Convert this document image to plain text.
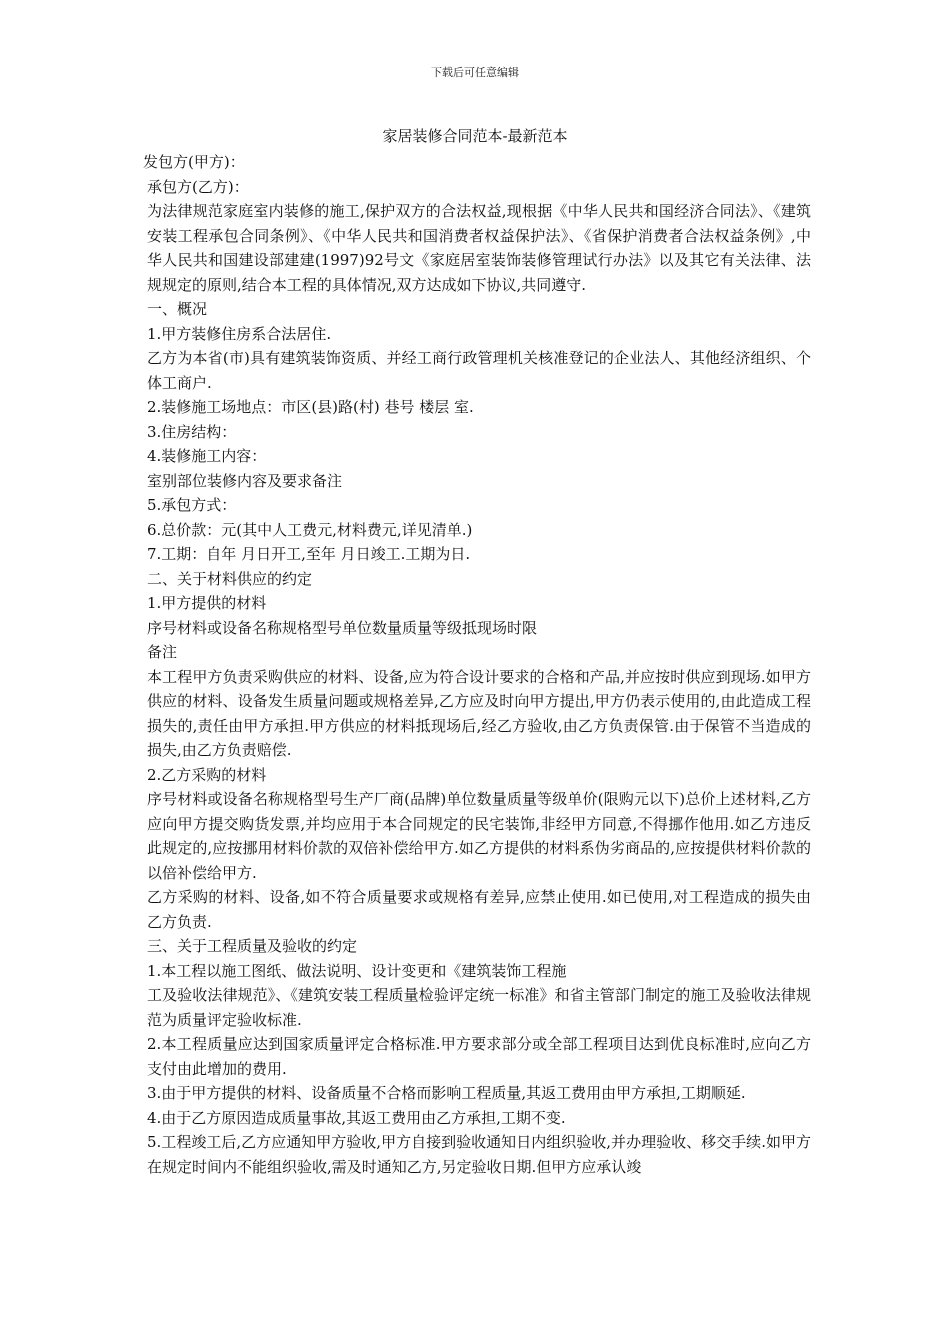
下载后可任意编辑
家居装修合同范本-最新范本

发包方(甲方)：

承包方(乙方)：

为法律规范家庭室内装修的施工,保护双方的合法权益,现根据《中华人民共和国经济合同法》、《建筑安装工程承包合同条例》、《中华人民共和国消费者权益保护法》、《省保护消费者合法权益条例》,中华人民共和国建设部建建(1997)92号文《家庭居室装饰装修管理试行办法》以及其它有关法律、法规规定的原则,结合本工程的具体情况,双方达成如下协议,共同遵守.

一、概况

1.甲方装修住房系合法居住.

乙方为本省(市)具有建筑装饰资质、并经工商行政管理机关核准登记的企业法人、其他经济组织、个体工商户.

2.装修施工场地点：市区(县)路(村) 巷号 楼层 室.

3.住房结构：

4.装修施工内容：

室别部位装修内容及要求备注

5.承包方式：

6.总价款：元(其中人工费元,材料费元,详见清单.)

7.工期：自年 月日开工,至年 月日竣工.工期为日.

二、关于材料供应的约定

1.甲方提供的材料

序号材料或设备名称规格型号单位数量质量等级抵现场时限

备注

本工程甲方负责采购供应的材料、设备,应为符合设计要求的合格和产品,并应按时供应到现场.如甲方供应的材料、设备发生质量问题或规格差异,乙方应及时向甲方提出,甲方仍表示使用的,由此造成工程损失的,责任由甲方承担.甲方供应的材料抵现场后,经乙方验收,由乙方负责保管.由于保管不当造成的损失,由乙方负责赔偿.

2.乙方采购的材料

序号材料或设备名称规格型号生产厂商(品牌)单位数量质量等级单价(限购元以下)总价上述材料,乙方应向甲方提交购货发票,并均应用于本合同规定的民宅装饰,非经甲方同意,不得挪作他用.如乙方违反此规定的,应按挪用材料价款的双倍补偿给甲方.如乙方提供的材料系伪劣商品的,应按提供材料价款的以倍补偿给甲方.

乙方采购的材料、设备,如不符合质量要求或规格有差异,应禁止使用.如已使用,对工程造成的损失由乙方负责.

三、关于工程质量及验收的约定

1.本工程以施工图纸、做法说明、设计变更和《建筑装饰工程施

工及验收法律规范》、《建筑安装工程质量检验评定统一标准》和省主管部门制定的施工及验收法律规范为质量评定验收标准.

2.本工程质量应达到国家质量评定合格标准.甲方要求部分或全部工程项目达到优良标准时,应向乙方支付由此增加的费用.

3.由于甲方提供的材料、设备质量不合格而影响工程质量,其返工费用由甲方承担,工期顺延.

4.由于乙方原因造成质量事故,其返工费用由乙方承担,工期不变.

5.工程竣工后,乙方应通知甲方验收,甲方自接到验收通知日内组织验收,并办理验收、移交手续.如甲方在规定时间内不能组织验收,需及时通知乙方,另定验收日期.但甲方应承认竣
